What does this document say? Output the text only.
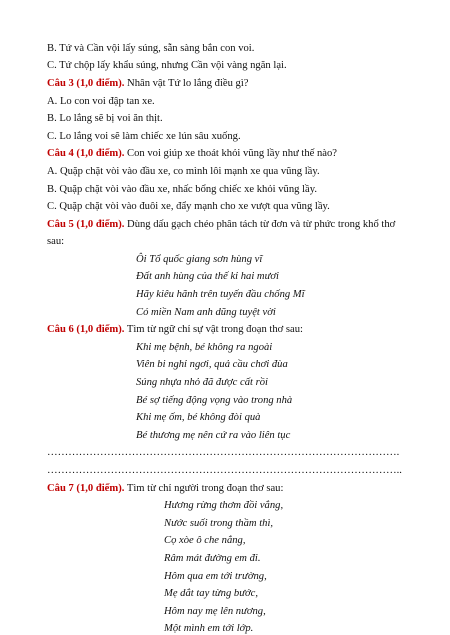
B. Tứ và Cần vội lấy súng, sẵn sàng bắn con voi.
C. Tứ chộp lấy khẩu súng, nhưng Cần vội vàng ngăn lại.
Câu 3 (1,0 điểm). Nhân vật Tứ lo lắng điều gì?
A. Lo con voi đập tan xe.
B. Lo lắng sẽ bị voi ăn thịt.
C. Lo lắng voi sẽ làm chiếc xe lún sâu xuống.
Câu 4 (1,0 điểm). Con voi giúp xe thoát khỏi vũng lầy như thế nào?
A. Quặp chặt vòi vào đầu xe, co mình lôi mạnh xe qua vũng lầy.
B. Quặp chặt vòi vào đầu xe, nhấc bổng chiếc xe khỏi vũng lầy.
C. Quặp chặt vòi vào đuôi xe, đẩy mạnh cho xe vượt qua vũng lầy.
Câu 5 (1,0 điểm). Dùng dấu gạch chéo phân tách từ đơn và từ phức trong khổ thơ
sau:
Ôi Tổ quốc giang sơn hùng vĩ
Đất anh hùng của thế kỉ hai mươi
Hãy kiêu hãnh trên tuyến đầu chống Mĩ
Có miền Nam anh dũng tuyệt vời
Câu 6 (1,0 điểm). Tìm từ ngữ chỉ sự vật trong đoạn thơ sau:
Khi mẹ bệnh, bé không ra ngoài
Viên bi nghỉ ngơi, quả cầu chơi đùa
Súng nhựa nhỏ đã được cất rồi
Bé sợ tiếng động vọng vào trong nhà
Khi mẹ ốm, bé không đòi quà
Bé thương mẹ nên cứ ra vào liên tục
……………………………………………………………………………………….
………………………………………………………………………………………..
Câu 7 (1,0 điểm). Tìm từ chỉ người trong đoạn thơ sau:
Hương rừng thơm đồi vắng,
Nước suối trong thầm thì,
Cọ xòe ô che nắng,
Râm mát đường em đi.
Hôm qua em tới trường,
Mẹ dắt tay từng bước,
Hôm nay mẹ lên nương,
Một mình em tới lớp.
